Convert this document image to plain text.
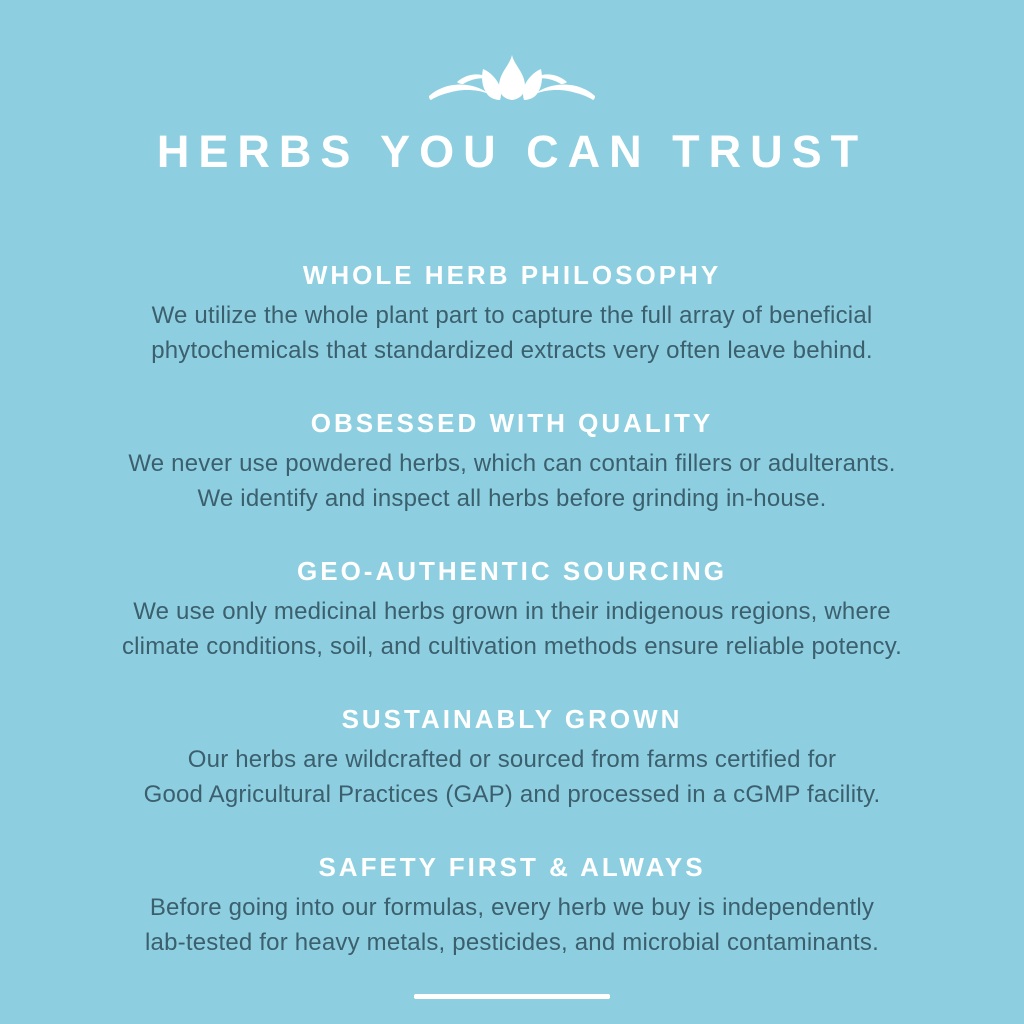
HERBS YOU CAN TRUST
WHOLE HERB PHILOSOPHY

We utilize the whole plant part to capture the full array of beneficial
phytochemicals that standardized extracts very often leave behind.

OBSESSED WITH QUALITY

We never use powdered herbs, which can contain fillers or adulterants.
We identify and inspect all herbs before grinding in-house.

GEO-AUTHENTIC SOURCING

We use only medicinal herbs grown in their indigenous regions, where
climate conditions, soil, and cultivation methods ensure reliable potency.

SUSTAINABLY GROWN

Our herbs are wildcrafted or sourced from farms certified for
Good Agricultural Practices (GAP) and processed in a cGMP facility.

SAFETY FIRST & ALWAYS

Before going into our formulas, every herb we buy is independently
lab-tested for heavy metals, pesticides, and microbial contaminants.
